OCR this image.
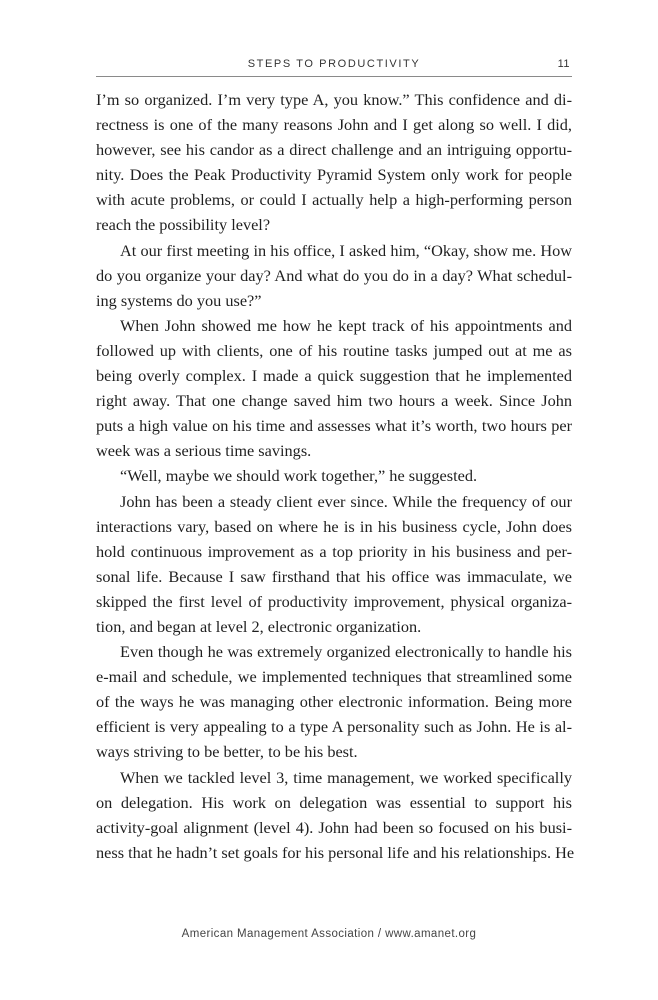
STEPS TO PRODUCTIVITY	11
I’m so organized. I’m very type A, you know.” This confidence and di-
rectness is one of the many reasons John and I get along so well. I did,
however, see his candor as a direct challenge and an intriguing opportu-
nity. Does the Peak Productivity Pyramid System only work for people
with acute problems, or could I actually help a high-performing person
reach the possibility level?
At our first meeting in his office, I asked him, “Okay, show me. How
do you organize your day? And what do you do in a day? What schedul-
ing systems do you use?”
When John showed me how he kept track of his appointments and
followed up with clients, one of his routine tasks jumped out at me as
being overly complex. I made a quick suggestion that he implemented
right away. That one change saved him two hours a week. Since John
puts a high value on his time and assesses what it’s worth, two hours per
week was a serious time savings.
“Well, maybe we should work together,” he suggested.
John has been a steady client ever since. While the frequency of our
interactions vary, based on where he is in his business cycle, John does
hold continuous improvement as a top priority in his business and per-
sonal life. Because I saw firsthand that his office was immaculate, we
skipped the first level of productivity improvement, physical organiza-
tion, and began at level 2, electronic organization.
Even though he was extremely organized electronically to handle his
e-mail and schedule, we implemented techniques that streamlined some
of the ways he was managing other electronic information. Being more
efficient is very appealing to a type A personality such as John. He is al-
ways striving to be better, to be his best.
When we tackled level 3, time management, we worked specifically
on delegation. His work on delegation was essential to support his
activity-goal alignment (level 4). John had been so focused on his busi-
ness that he hadn’t set goals for his personal life and his relationships. He
American Management Association / www.amanet.org
